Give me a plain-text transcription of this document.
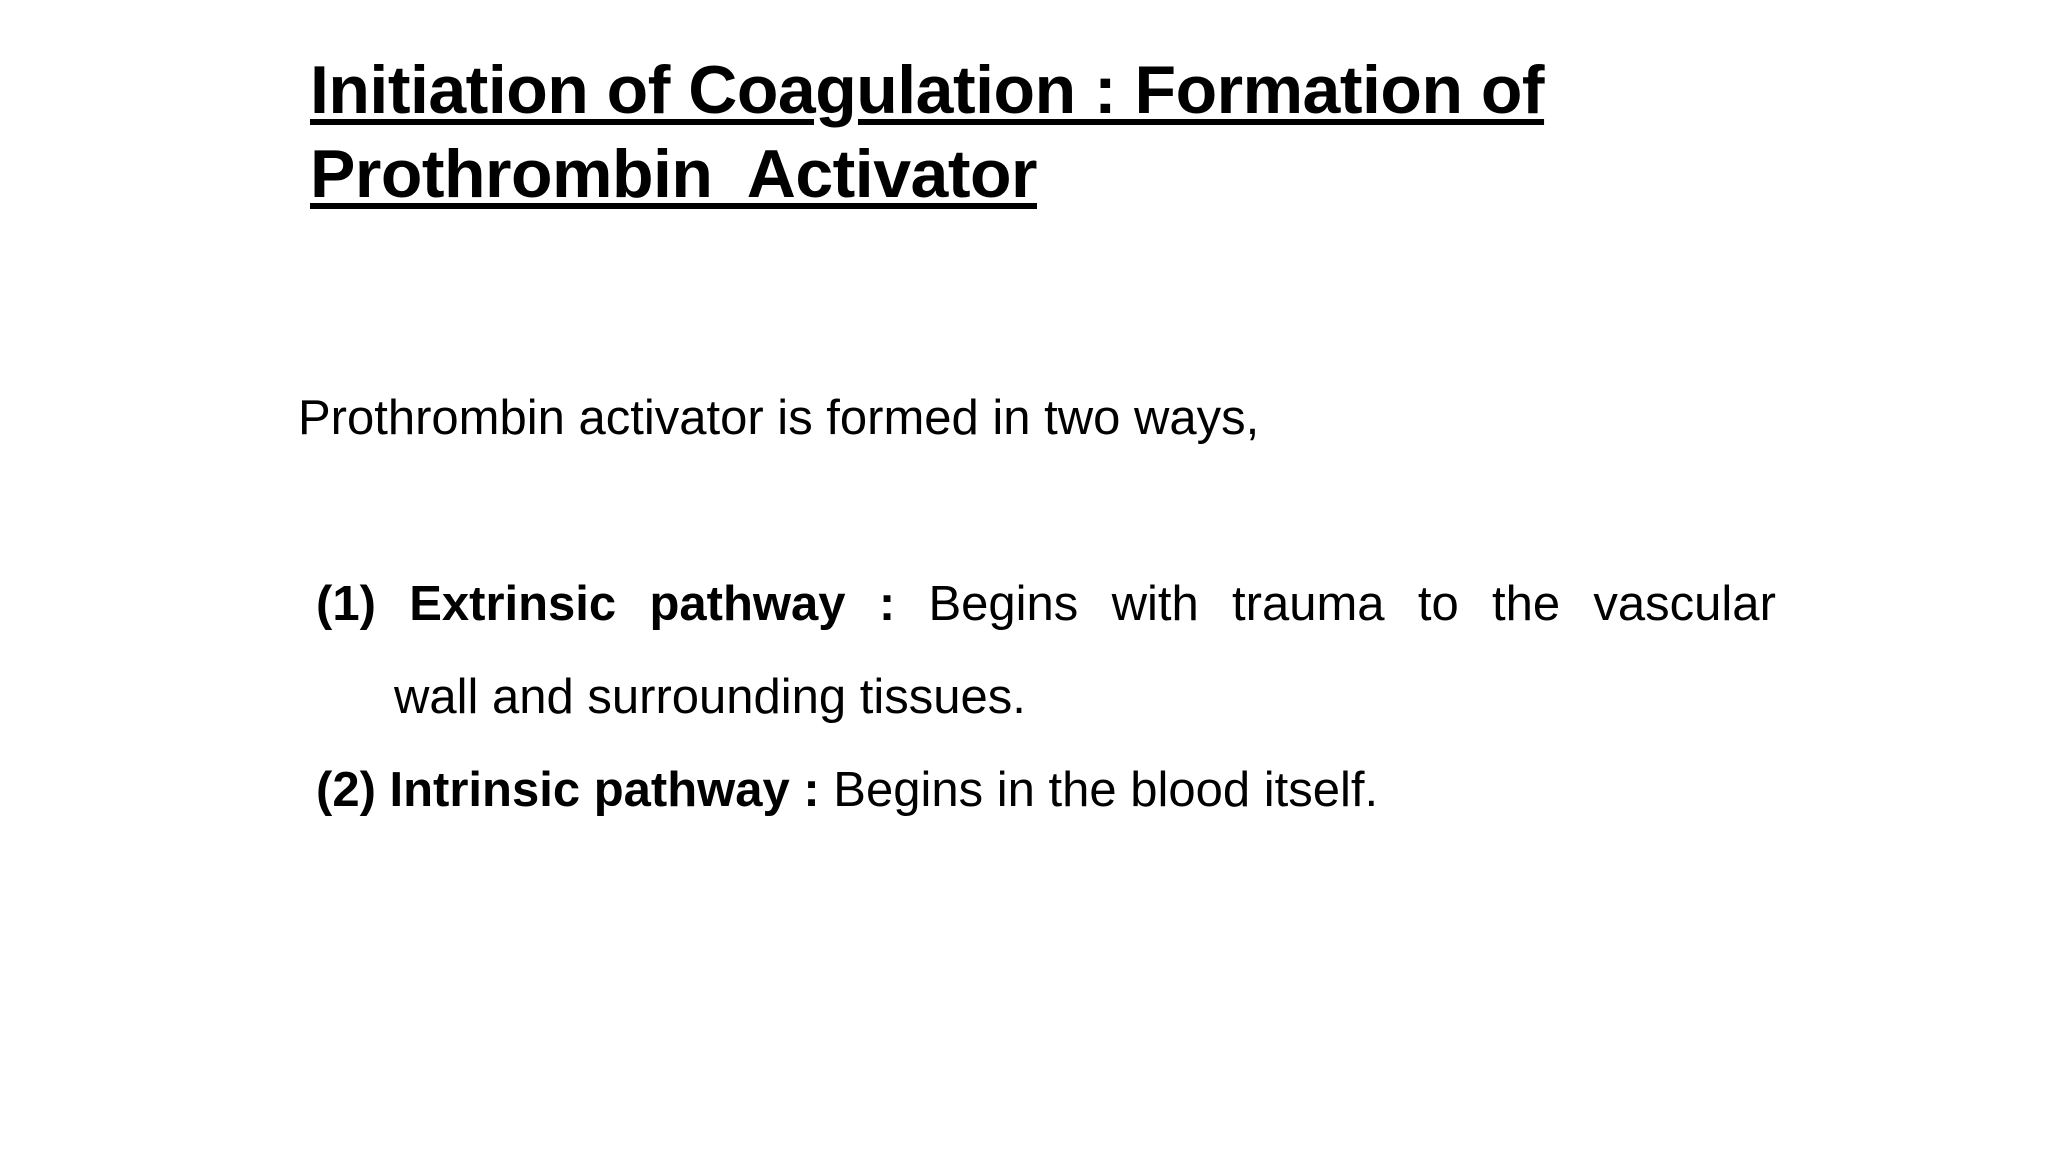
Initiation of Coagulation : Formation of
Prothrombin  Activator

Prothrombin activator is formed in two ways,

(1) Extrinsic pathway : Begins with trauma to the vascular
wall and surrounding tissues.

(2) Intrinsic pathway : Begins in the blood itself.
